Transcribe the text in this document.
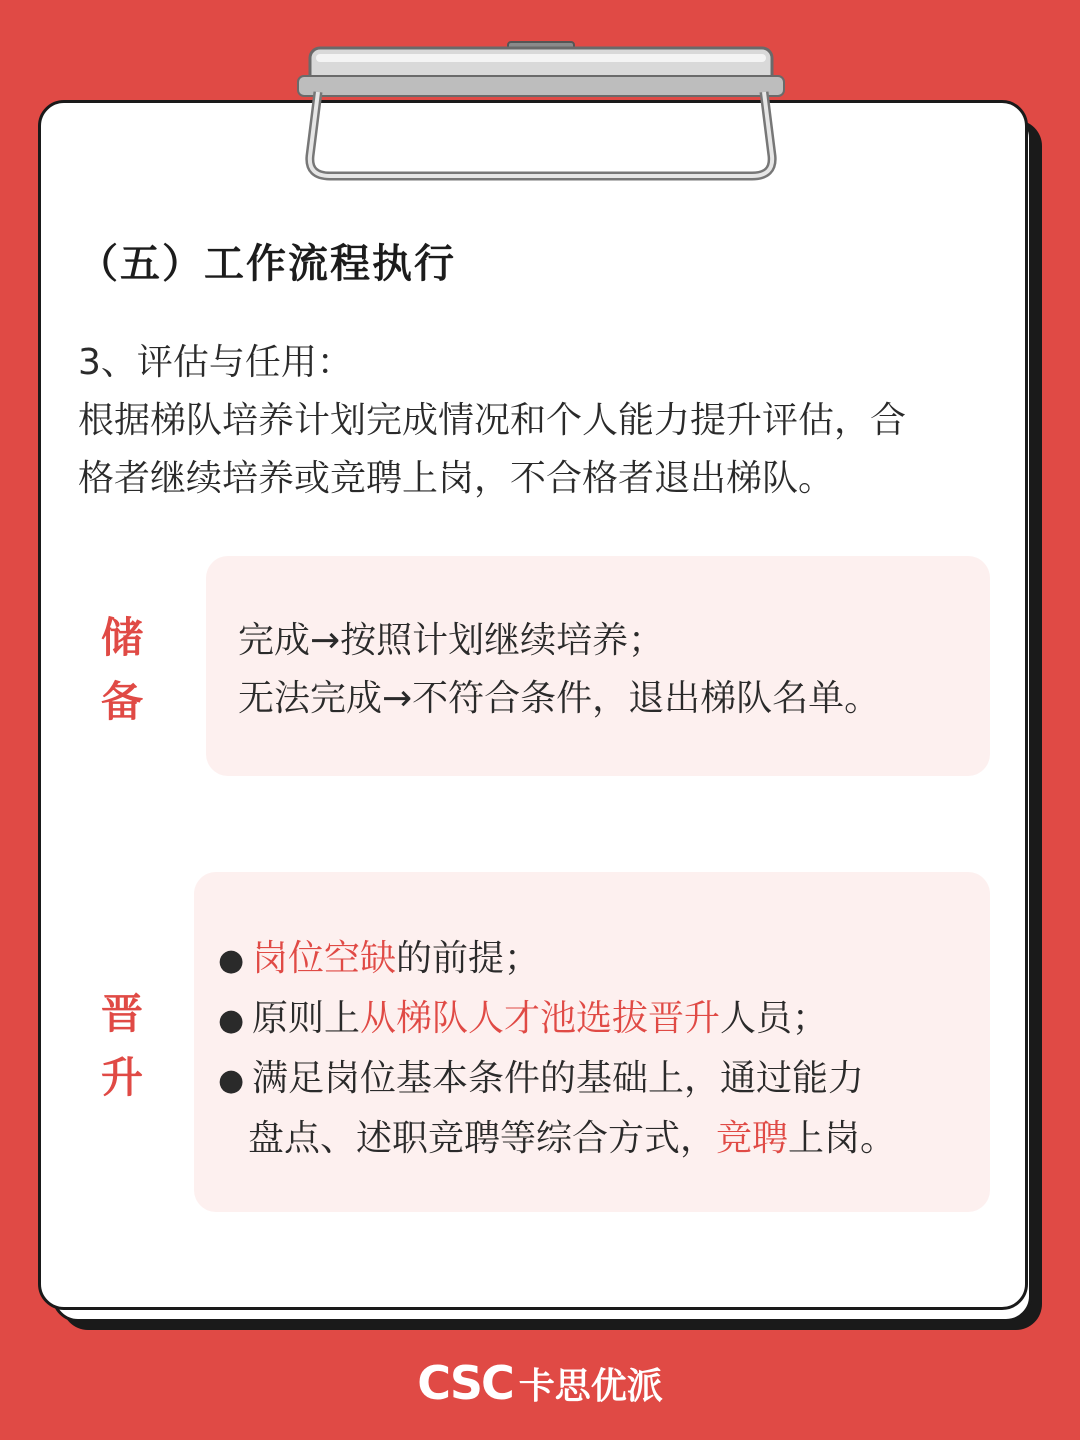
（五）工作流程执行
3、评估与任用：
根据梯队培养计划完成情况和个人能力提升评估，合
格者继续培养或竞聘上岗，不合格者退出梯队。
储
备
完成→按照计划继续培养；
无法完成→不符合条件，退出梯队名单。
晋
升
● 岗位空缺的前提；
● 原则上从梯队人才池选拔晋升人员；
● 满足岗位基本条件的基础上，通过能力
盘点、述职竞聘等综合方式，竞聘上岗。
CSC 卡思优派
